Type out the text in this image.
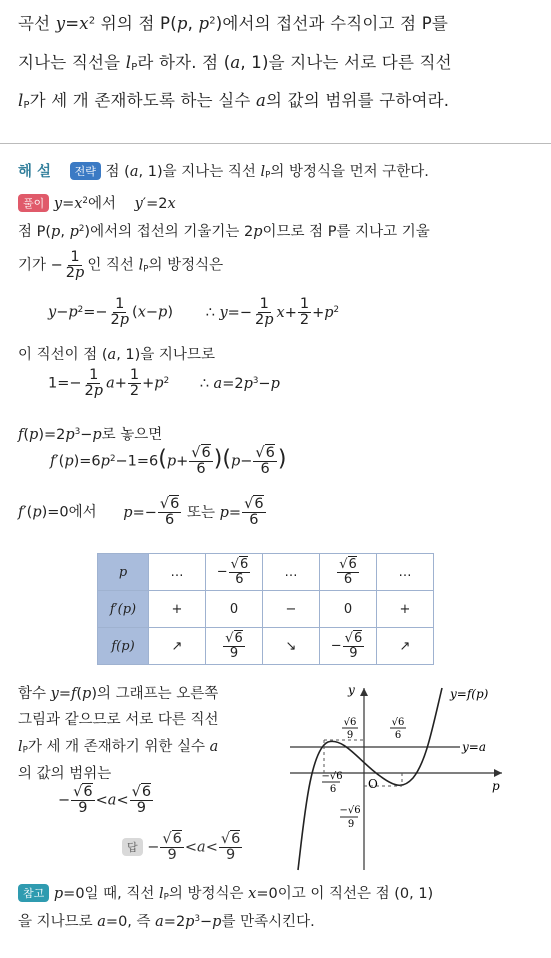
곡선 $y=x^2$ 위의 점 P(p, $p^2$)에서의 접선과 수직이고 점 P를
지나는 직선을 $l_P$라 하자. 점 (a, 1)을 지나는 서로 다른 직선
$l_P$가 세 개 존재하도록 하는 실수 a의 값의 범위를 구하여라.
해 설 전략 점 (a, 1)을 지나는 직선 $l_P$의 방정식을 먼저 구한다.
풀이 $y=x^2$에서 y′=2x
점 P(p, $p^2$)에서의 접선의 기울기는 2p이므로 점 P를 지나고 기울
기가 − $\frac{1}{2p}$ 인 직선 $l_P$의 방정식은
$y-p^2=- \frac{1}{2p} (x-p)$ ∴ $y=- \frac{1}{2p} x+ \frac{1}{2} +p^2$
이 직선이 점 (a, 1)을 지나므로
$1=- \frac{1}{2p} a+ \frac{1}{2} +p^2$ ∴ $a=2p^3-p$
$f(p)=2p^3-p$로 놓으면
$f'(p)=6p^2-1=6(p+ \frac{√6}{6} )(p- \frac{√6}{6}$ )
f′(p)=0에서 $p=- \frac{√6}{6}$ 또는 $p= \frac{√6}{6}$
p	…	− $\frac{√6}{6}$	…	$\frac{√6}{6}$	…
f′(p)	+	0	−	0	+
f(p)	↗	$\frac{√6}{9}$	↘	− $\frac{√6}{9}$	↗
함수 y=f(p)의 그래프는 오른쪽
그림과 같으므로 서로 다른 직선
$l_P$가 세 개 존재하기 위한 실수 a
의 값의 범위는
− $\frac{√6}{9} <a< \frac{√6}{9}$
답 − $\frac{√6}{9} <a< \frac{√6}{9}$
y
p
O
y=f(p)
y=a
√6
9
√6
6
−√6
6
−√6
9
참고 p=0일 때, 직선 $l_P$의 방정식은 x=0이고 이 직선은 점 (0, 1)
을 지나므로 a=0, 즉 $a=2p^3-p$를 만족시킨다.
